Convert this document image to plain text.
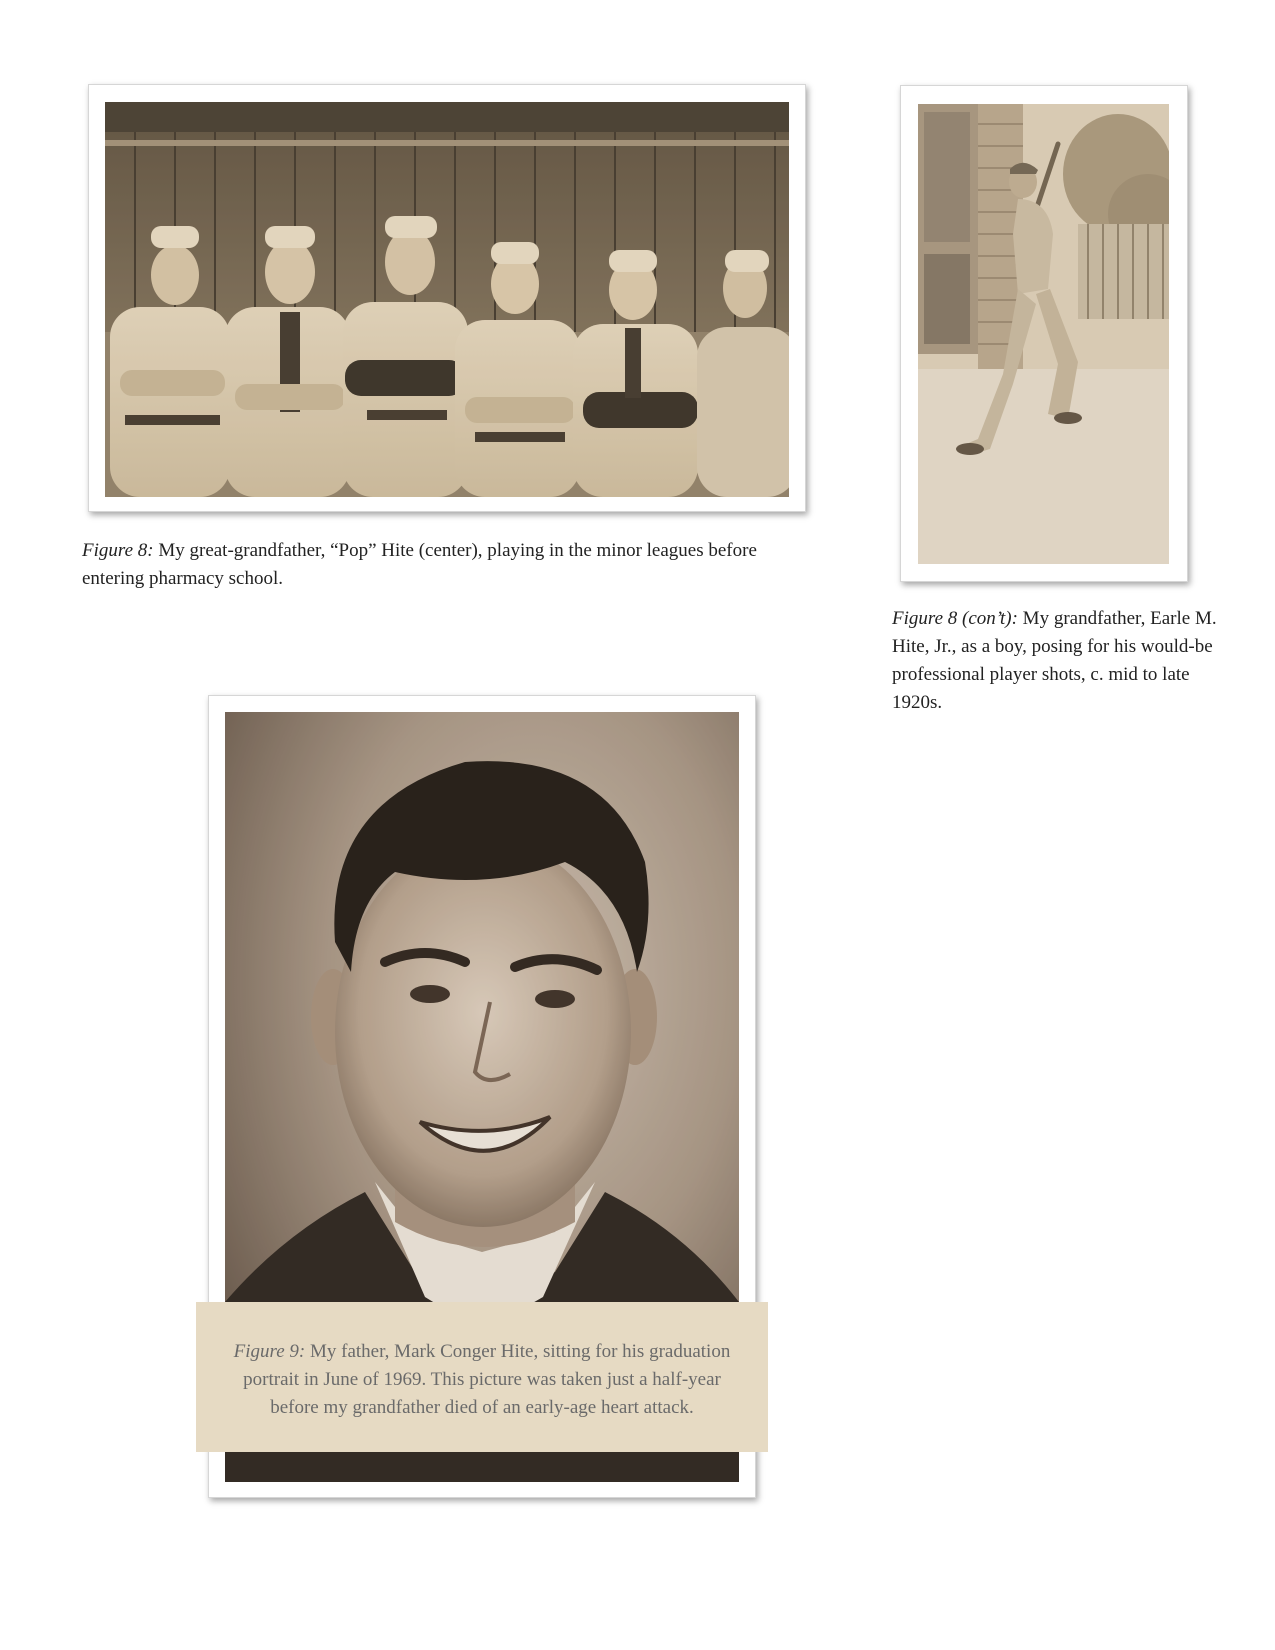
Figure 8: My great-grandfather, “Pop” Hite (center), playing in the minor leagues before entering pharmacy school.
Figure 8 (con’t): My grandfather, Earle M. Hite, Jr., as a boy, posing for his would-be professional player shots, c. mid to late 1920s.
Figure 9: My father, Mark Conger Hite, sitting for his graduation portrait in June of 1969. This picture was taken just a half-year before my grandfather died of an early-age heart attack.
